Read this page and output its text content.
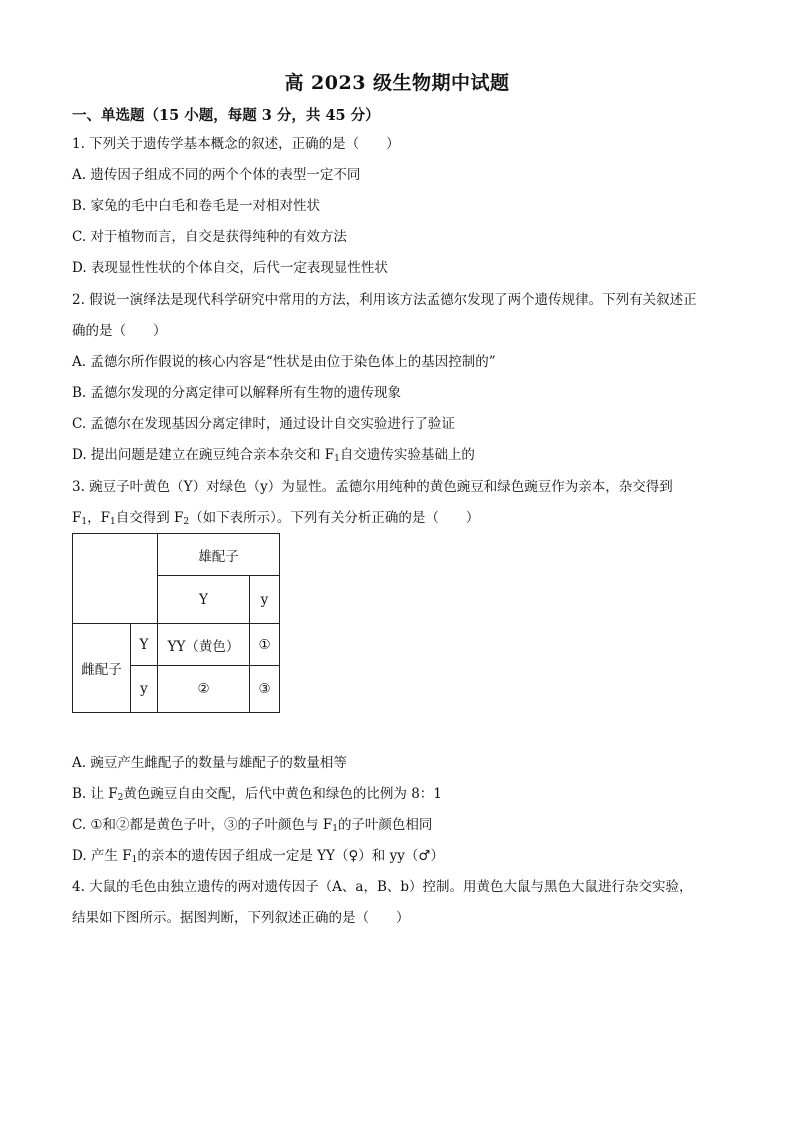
高 2023 级生物期中试题
一、单选题（15 小题，每题 3 分，共 45 分）
1. 下列关于遗传学基本概念的叙述，正确的是（　　）
A. 遗传因子组成不同的两个个体的表型一定不同
B. 家兔的毛中白毛和卷毛是一对相对性状
C. 对于植物而言，自交是获得纯种的有效方法
D. 表现显性性状的个体自交，后代一定表现显性性状
2. 假说一演绎法是现代科学研究中常用的方法，利用该方法孟德尔发现了两个遗传规律。下列有关叙述正
确的是（　　）
A. 孟德尔所作假说的核心内容是“性状是由位于染色体上的基因控制的”
B. 孟德尔发现的分离定律可以解释所有生物的遗传现象
C. 孟德尔在发现基因分离定律时，通过设计自交实验进行了验证
D. 提出问题是建立在豌豆纯合亲本杂交和 $F_1$自交遗传实验基础上的
3. 豌豆子叶黄色（Y）对绿色（y）为显性。孟德尔用纯种的黄色豌豆和绿色豌豆作为亲本，杂交得到
$F_1$，$F_1$自交得到 $F_2$（如下表所示）。下列有关分析正确的是（　　）
		雄配子	
		Y	y
雌配子	Y	YY（黄色）	①
	y	②	③
A. 豌豆产生雌配子的数量与雄配子的数量相等
B. 让 $F_2$黄色豌豆自由交配，后代中黄色和绿色的比例为 8：1
C. ①和②都是黄色子叶，③的子叶颜色与 $F_1$的子叶颜色相同
D. 产生 $F_1$的亲本的遗传因子组成一定是 YY（♀）和 yy（♂）
4. 大鼠的毛色由独立遗传的两对遗传因子（A、a，B、b）控制。用黄色大鼠与黑色大鼠进行杂交实验，
结果如下图所示。据图判断，下列叙述正确的是（　　）
